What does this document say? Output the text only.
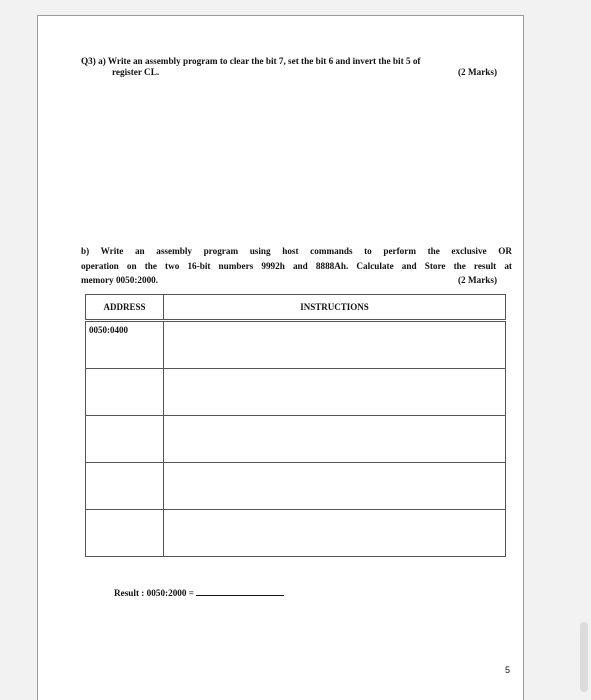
Q3) a) Write an assembly program to clear the bit 7, set the bit 6 and invert the bit 5 of
register CL.	(2 Marks)
b) Write an assembly program using host commands to perform the exclusive OR
operation on the two 16-bit numbers 9992h and 8888Ah. Calculate and Store the result at
memory 0050:2000.	(2 Marks)
ADDRESS	INSTRUCTIONS

0050:0400	

Result : 0050:2000 =
5
